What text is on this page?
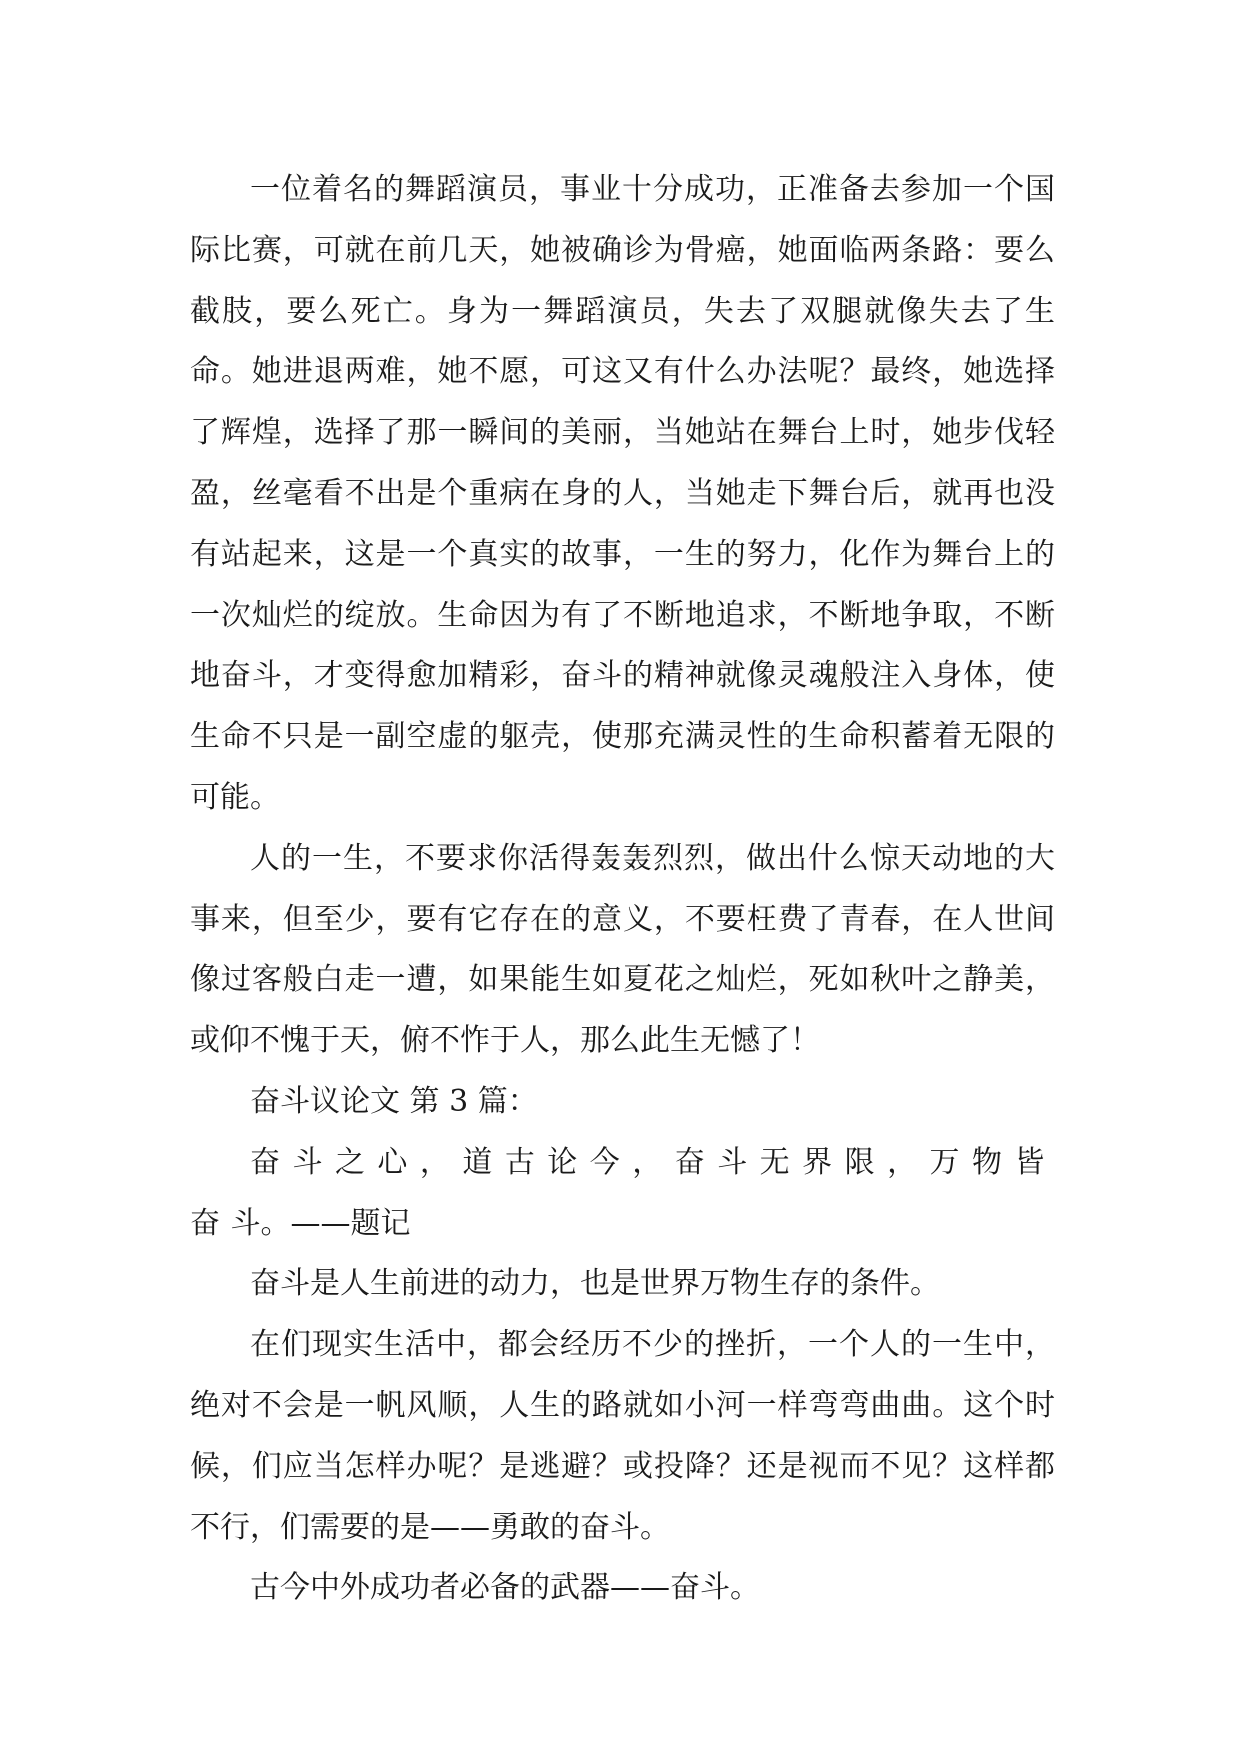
一位着名的舞蹈演员，事业十分成功，正准备去参加一个国际比赛，可就在前几天，她被确诊为骨癌，她面临两条路：要么截肢，要么死亡。身为一舞蹈演员，失去了双腿就像失去了生命。她进退两难，她不愿，可这又有什么办法呢？最终，她选择了辉煌，选择了那一瞬间的美丽，当她站在舞台上时，她步伐轻盈，丝毫看不出是个重病在身的人，当她走下舞台后，就再也没有站起来，这是一个真实的故事，一生的努力，化作为舞台上的一次灿烂的绽放。生命因为有了不断地追求，不断地争取，不断地奋斗，才变得愈加精彩，奋斗的精神就像灵魂般注入身体，使生命不只是一副空虚的躯壳，使那充满灵性的生命积蓄着无限的可能。

人的一生，不要求你活得轰轰烈烈，做出什么惊天动地的大事来，但至少，要有它存在的意义，不要枉费了青春，在人世间像过客般白走一遭，如果能生如夏花之灿烂，死如秋叶之静美，或仰不愧于天，俯不怍于人，那么此生无憾了！

奋斗议论文 第 3 篇：

奋斗之心，道古论今，奋斗无界限，万物皆奋斗。——题记

奋斗是人生前进的动力，也是世界万物生存的条件。

在们现实生活中，都会经历不少的挫折，一个人的一生中，绝对不会是一帆风顺，人生的路就如小河一样弯弯曲曲。这个时候，们应当怎样办呢？是逃避？或投降？还是视而不见？这样都不行，们需要的是——勇敢的奋斗。

古今中外成功者必备的武器——奋斗。
